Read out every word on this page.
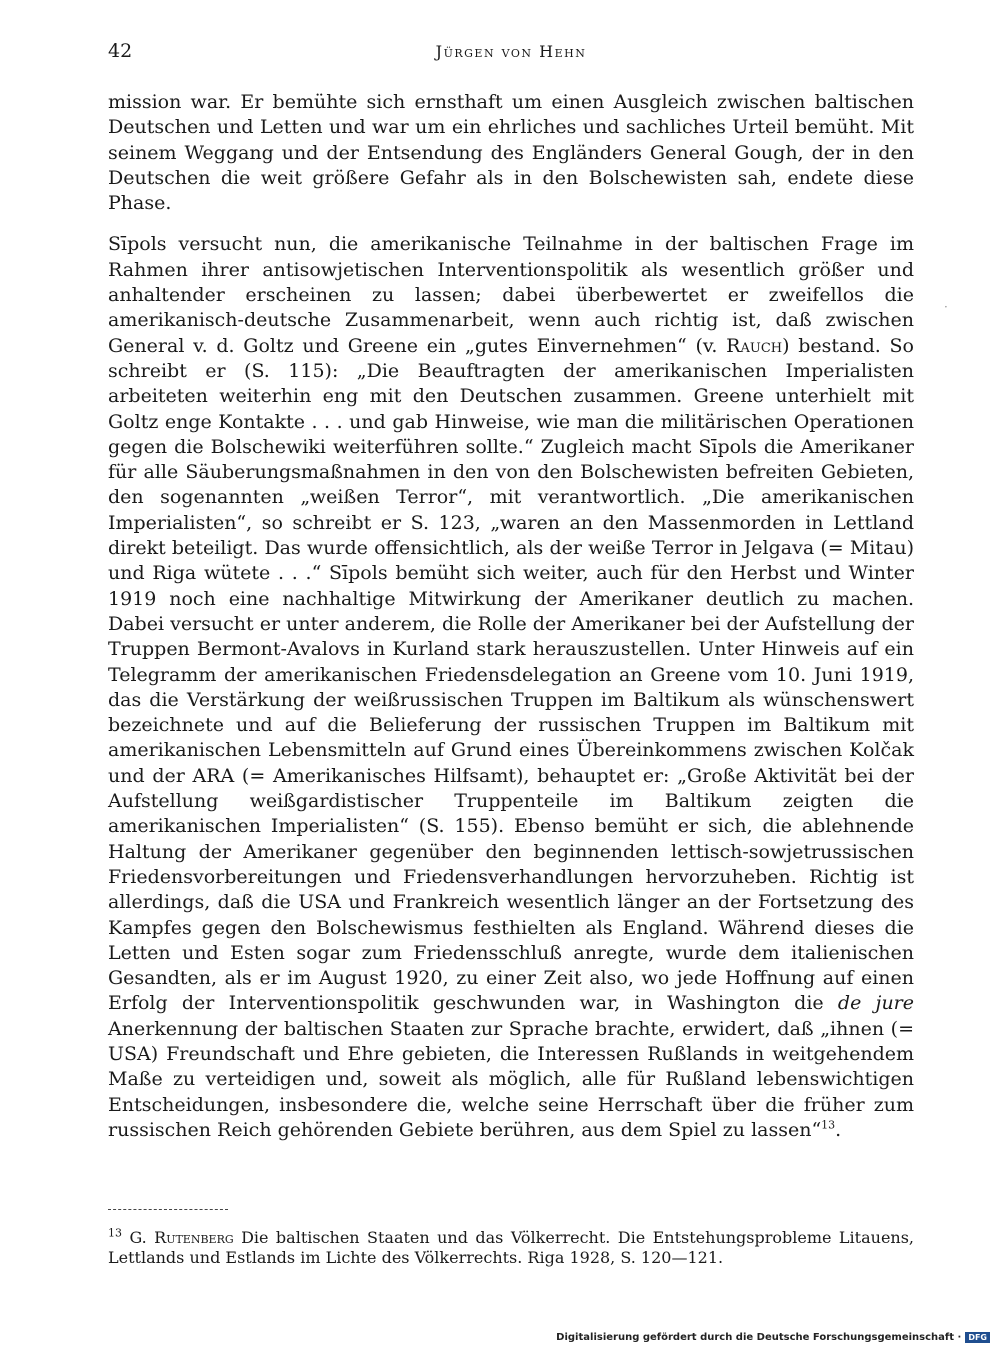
42	Jürgen von Hehn

mission war. Er bemühte sich ernsthaft um einen Ausgleich zwischen baltischen Deutschen und Letten und war um ein ehrliches und sachliches Urteil bemüht. Mit seinem Weggang und der Entsendung des Engländers General Gough, der in den Deutschen die weit größere Gefahr als in den Bolschewisten sah, endete diese Phase.

Sīpols versucht nun, die amerikanische Teilnahme in der baltischen Frage im Rahmen ihrer antisowjetischen Interventionspolitik als wesentlich größer und anhaltender erscheinen zu lassen; dabei überbewertet er zweifellos die amerikanisch-deutsche Zusammenarbeit, wenn auch richtig ist, daß zwischen General v. d. Goltz und Greene ein „gutes Einvernehmen“ (v. Rauch) bestand. So schreibt er (S. 115): „Die Beauftragten der amerikanischen Imperialisten arbeiteten weiterhin eng mit den Deutschen zusammen. Greene unterhielt mit Goltz enge Kontakte . . . und gab Hinweise, wie man die militärischen Operationen gegen die Bolschewiki weiterführen sollte.“ Zugleich macht Sīpols die Amerikaner für alle Säuberungsmaßnahmen in den von den Bolschewisten befreiten Gebieten, den sogenannten „weißen Terror“, mit verantwortlich. „Die amerikanischen Imperialisten“, so schreibt er S. 123, „waren an den Massenmorden in Lettland direkt beteiligt. Das wurde offensichtlich, als der weiße Terror in Jelgava (= Mitau) und Riga wütete . . .“ Sīpols bemüht sich weiter, auch für den Herbst und Winter 1919 noch eine nachhaltige Mitwirkung der Amerikaner deutlich zu machen. Dabei versucht er unter anderem, die Rolle der Amerikaner bei der Aufstellung der Truppen Bermont-Avalovs in Kurland stark herauszustellen. Unter Hinweis auf ein Telegramm der amerikanischen Friedensdelegation an Greene vom 10. Juni 1919, das die Verstärkung der weißrussischen Truppen im Baltikum als wünschenswert bezeichnete und auf die Belieferung der russischen Truppen im Baltikum mit amerikanischen Lebensmitteln auf Grund eines Übereinkommens zwischen Kolčak und der ARA (= Amerikanisches Hilfsamt), behauptet er: „Große Aktivität bei der Aufstellung weißgardistischer Truppenteile im Baltikum zeigten die amerikanischen Imperialisten“ (S. 155). Ebenso bemüht er sich, die ablehnende Haltung der Amerikaner gegenüber den beginnenden lettisch-sowjetrussischen Friedensvorbereitungen und Friedensverhandlungen hervorzuheben. Richtig ist allerdings, daß die USA und Frankreich wesentlich länger an der Fortsetzung des Kampfes gegen den Bolschewismus festhielten als England. Während dieses die Letten und Esten sogar zum Friedensschluß anregte, wurde dem italienischen Gesandten, als er im August 1920, zu einer Zeit also, wo jede Hoffnung auf einen Erfolg der Interventionspolitik geschwunden war, in Washington die de jure Anerkennung der baltischen Staaten zur Sprache brachte, erwidert, daß „ihnen (= USA) Freundschaft und Ehre gebieten, die Interessen Rußlands in weitgehendem Maße zu verteidigen und, soweit als möglich, alle für Rußland lebenswichtigen Entscheidungen, insbesondere die, welche seine Herrschaft über die früher zum russischen Reich gehörenden Gebiete berühren, aus dem Spiel zu lassen“$^{13}$.

$^{13}$ G. Rutenberg Die baltischen Staaten und das Völkerrecht. Die Entstehungsprobleme Litauens, Lettlands und Estlands im Lichte des Völkerrechts. Riga 1928, S. 120—121.

·
Digitalisierung gefördert durch die Deutsche Forschungsgemeinschaft · DFG
